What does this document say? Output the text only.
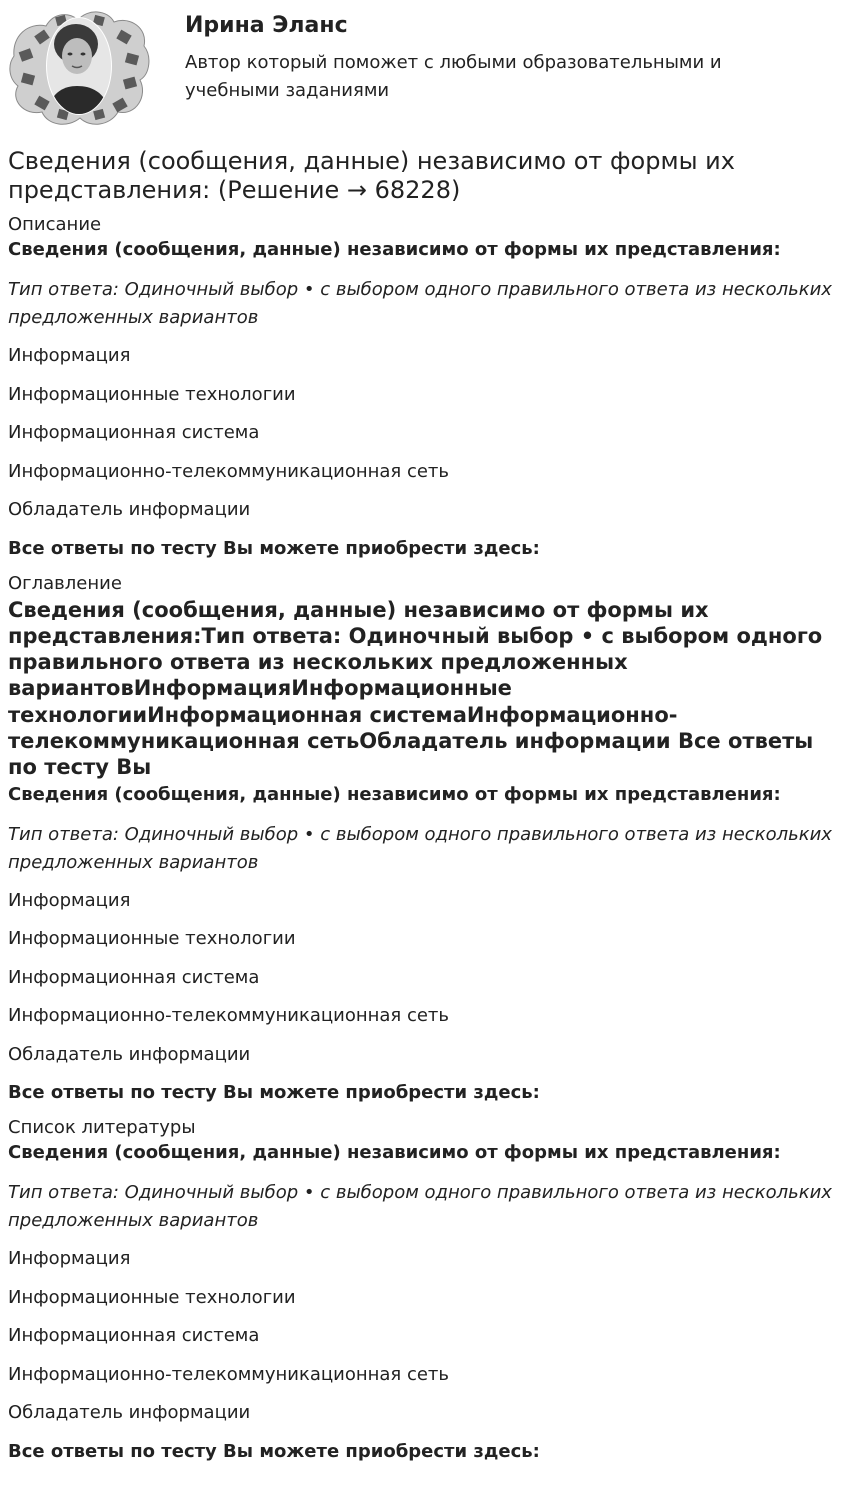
Ирина Эланс

Автор который поможет с любыми образовательными и учебными заданиями

Сведения (сообщения, данные) независимо от формы их представления: (Решение → 68228)
Описание
Сведения (сообщения, данные) независимо от формы их представления:
Тип ответа: Одиночный выбор • с выбором одного правильного ответа из нескольких предложенных вариантов
Информация
Информационные технологии
Информационная система
Информационно-телекоммуникационная сеть
Обладатель информации
Все ответы по тесту Вы можете приобрести здесь:
Оглавление
Сведения (сообщения, данные) независимо от формы их представления:Тип ответа: Одиночный выбор • с выбором одного правильного ответа из нескольких предложенных вариантовИнформацияИнформационные технологииИнформационная системаИнформационно-телекоммуникационная сетьОбладатель информации Все ответы по тесту Вы
Сведения (сообщения, данные) независимо от формы их представления:
Тип ответа: Одиночный выбор • с выбором одного правильного ответа из нескольких предложенных вариантов
Информация
Информационные технологии
Информационная система
Информационно-телекоммуникационная сеть
Обладатель информации
Все ответы по тесту Вы можете приобрести здесь:
Список литературы
Сведения (сообщения, данные) независимо от формы их представления:
Тип ответа: Одиночный выбор • с выбором одного правильного ответа из нескольких предложенных вариантов
Информация
Информационные технологии
Информационная система
Информационно-телекоммуникационная сеть
Обладатель информации
Все ответы по тесту Вы можете приобрести здесь:
